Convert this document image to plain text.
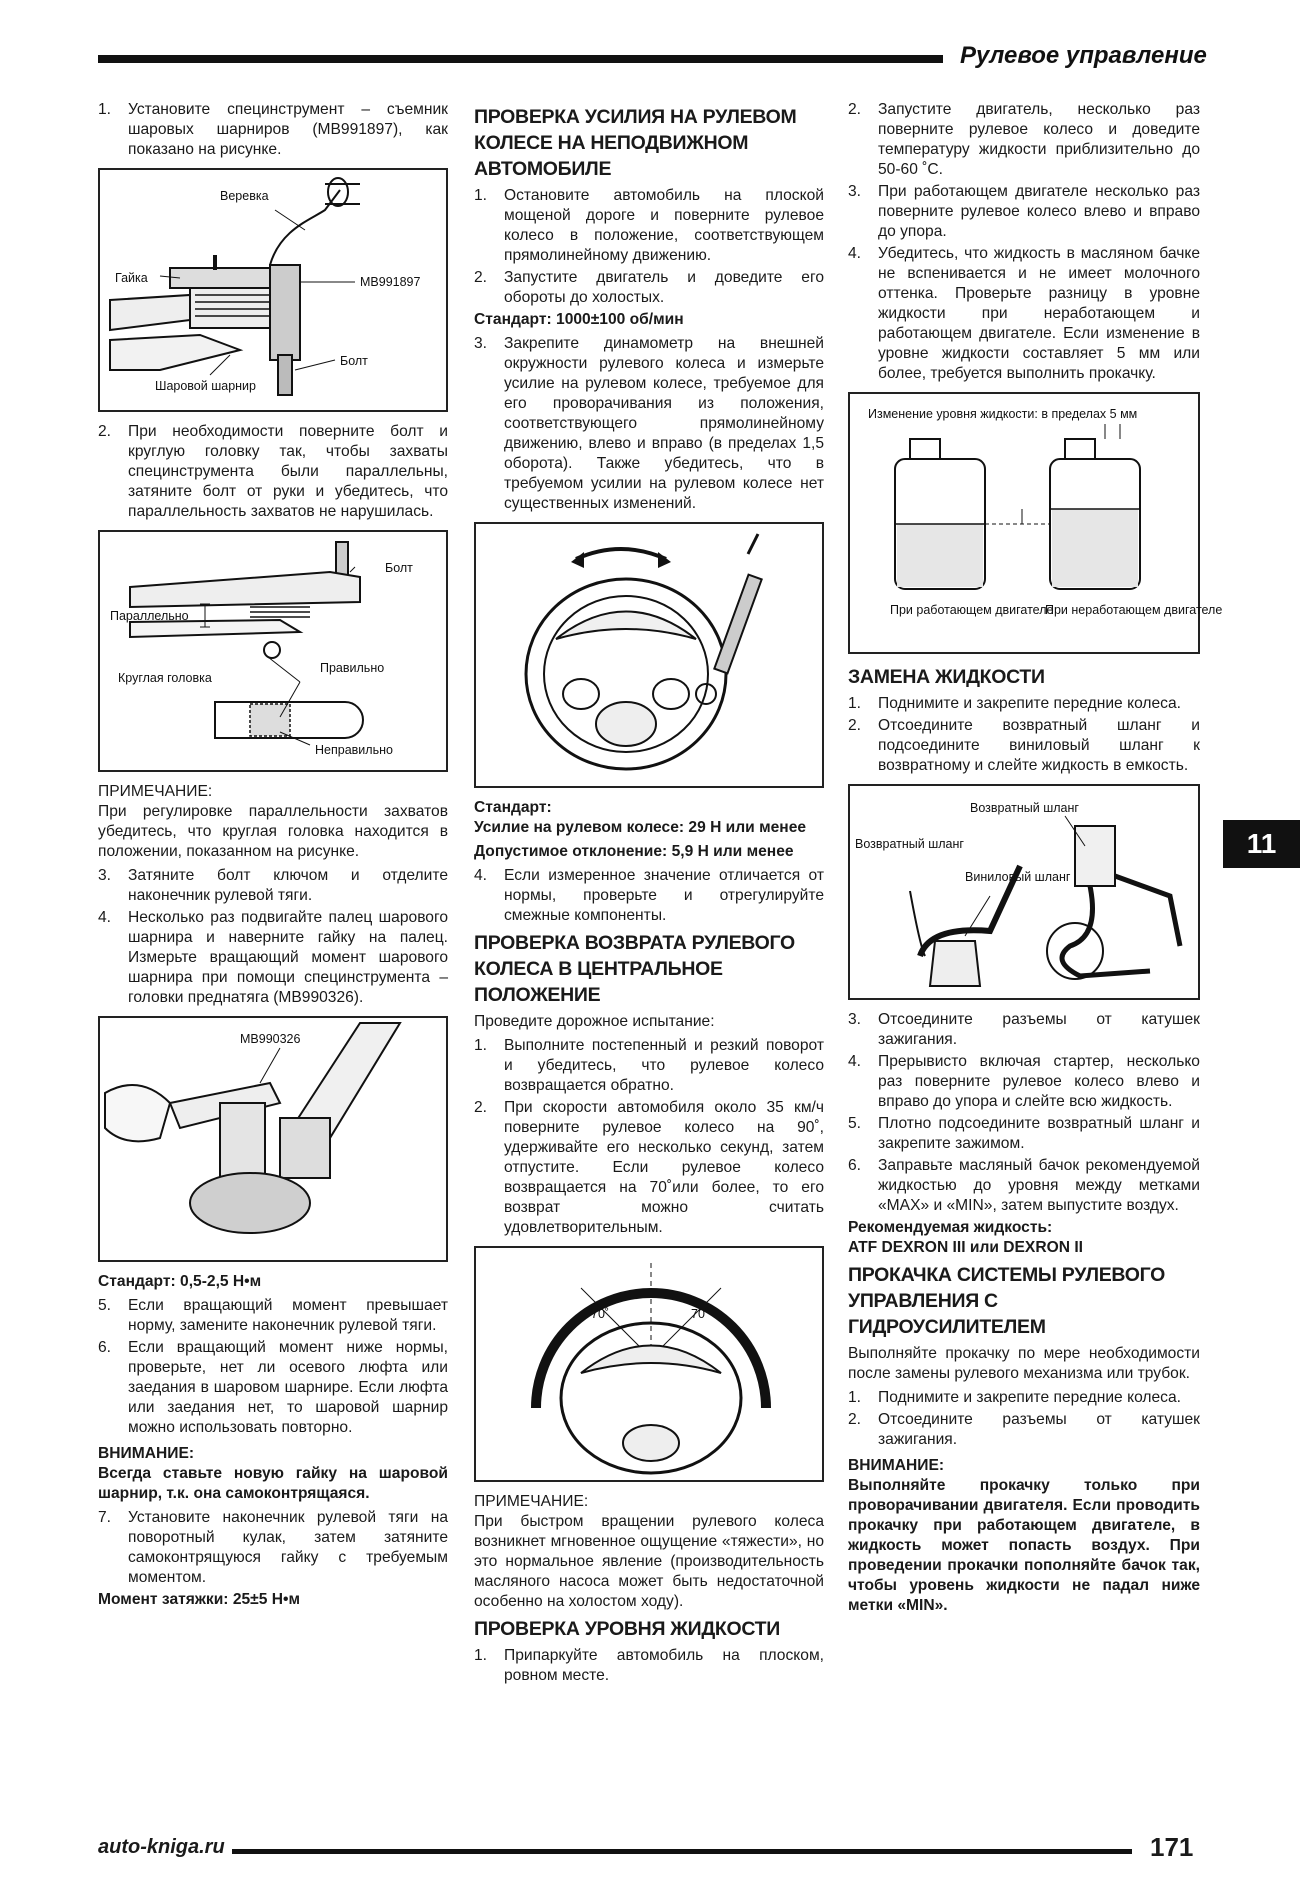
Рулевое управление
1.	Установите специнструмент – съемник шаровых шарниров (MB991897), как показано на рисунке.
Веревка
Гайка	MB991897
Болт
Шаровой шарнир
2.	При необходимости поверните болт и круглую головку так, чтобы захваты специнструмента были параллельны, затяните болт от руки и убедитесь, что параллельность захватов не нарушилась.
Болт
Параллельно
Круглая головка
Правильно
Неправильно
ПРИМЕЧАНИЕ:

При регулировке параллельности захватов убедитесь, что круглая головка находится в положении, показанном на рисунке.

3.	Затяните болт ключом и отделите наконечник рулевой тяги.
4.	Несколько раз подвигайте палец шарового шарнира и наверните гайку на палец. Измерьте вращающий момент шарового шарнира при помощи специнструмента – головки преднатяга (MB990326).
MB990326

Стандарт: 0,5-2,5 Н•м

5.	Если вращающий момент превышает норму, замените наконечник рулевой тяги.
6.	Если вращающий момент ниже нормы, проверьте, нет ли осевого люфта или заедания в шаровом шарнире. Если люфта или заедания нет, то шаровой шарнир можно использовать повторно.
ВНИМАНИЕ:

Всегда ставьте новую гайку на шаровой шарнир, т.к. она самоконтрящаяся.

7.	Установите наконечник рулевой тяги на поворотный кулак, затем затяните самоконтрящуюся гайку с требуемым моментом.

Момент затяжки: 25±5 Н•м

ПРОВЕРКА УСИЛИЯ НА РУЛЕВОМ КОЛЕСЕ НА НЕПОДВИЖНОМ АВТОМОБИЛЕ
1.	Остановите автомобиль на плоской мощеной дороге и поверните рулевое колесо в положение, соответствующем прямолинейному движению.
2.	Запустите двигатель и доведите его обороты до холостых.

Стандарт: 1000±100 об/мин

3.	Закрепите динамометр на внешней окружности рулевого колеса и измерьте усилие на рулевом колесе, требуемое для его проворачивания из положения, соответствующего прямолинейному движению, влево и вправо (в пределах 1,5 оборота). Также убедитесь, что в требуемом усилии на рулевом колесе нет существенных изменений.
Стандарт:

Усилие на рулевом колесе: 29 Н или менее

Допустимое отклонение: 5,9 Н или менее

4.	Если измеренное значение отличается от нормы, проверьте и отрегулируйте смежные компоненты.
ПРОВЕРКА ВОЗВРАТА РУЛЕВОГО КОЛЕСА В ЦЕНТРАЛЬНОЕ ПОЛОЖЕНИЕ

Проведите дорожное испытание:

1.	Выполните постепенный и резкий поворот и убедитесь, что рулевое колесо возвращается обратно.
2.	При скорости автомобиля около 35 км/ч поверните рулевое колесо на 90˚, удерживайте его несколько секунд, затем отпустите. Если рулевое колесо возвращается на 70˚или более, то его возврат можно считать удовлетворительным.
70˚	70˚
ПРИМЕЧАНИЕ:

При быстром вращении рулевого колеса возникнет мгновенное ощущение «тяжести», но это нормальное явление (производительность масляного насоса может быть недостаточной особенно на холостом ходу).

ПРОВЕРКА УРОВНЯ ЖИДКОСТИ
1.	Припаркуйте автомобиль на плоском, ровном месте.
2.	Запустите двигатель, несколько раз поверните рулевое колесо и доведите температуру жидкости приблизительно до 50-60 ˚C.
3.	При работающем двигателе несколько раз поверните рулевое колесо влево и вправо до упора.
4.	Убедитесь, что жидкость в масляном бачке не вспенивается и не имеет молочного оттенка. Проверьте разницу в уровне жидкости при неработающем и работающем двигателе. Если изменение в уровне жидкости составляет 5 мм или более, требуется выполнить прокачку.
Изменение уровня жидкости: в пределах 5 мм
При работающем двигателе
При неработающем двигателе
ЗАМЕНА ЖИДКОСТИ
1.	Поднимите и закрепите передние колеса.
2.	Отсоедините возвратный шланг и подсоедините виниловый шланг к возвратному и слейте жидкость в емкость.
Возвратный шланг
Возвратный шланг
Виниловый шланг
3.	Отсоедините разъемы от катушек зажигания.
4.	Прерывисто включая стартер, несколько раз поверните рулевое колесо влево и вправо до упора и слейте всю жидкость.
5.	Плотно подсоедините возвратный шланг и закрепите зажимом.
6.	Заправьте масляный бачок рекомендуемой жидкостью до уровня между метками «MAX» и «MIN», затем выпустите воздух.
Рекомендуемая жидкость:

ATF DEXRON III или DEXRON II

ПРОКАЧКА СИСТЕМЫ РУЛЕВОГО УПРАВЛЕНИЯ С ГИДРОУСИЛИТЕЛЕМ

Выполняйте прокачку по мере необходимости после замены рулевого механизма или трубок.

1.	Поднимите и закрепите передние колеса.
2.	Отсоедините разъемы от катушек зажигания.
ВНИМАНИЕ:

Выполняйте прокачку только при проворачивании двигателя. Если проводить прокачку при работающем двигателе, в жидкость может попасть воздух. При проведении прокачки пополняйте бачок так, чтобы уровень жидкости не падал ниже метки «MIN».

11
auto-kniga.ru	171
